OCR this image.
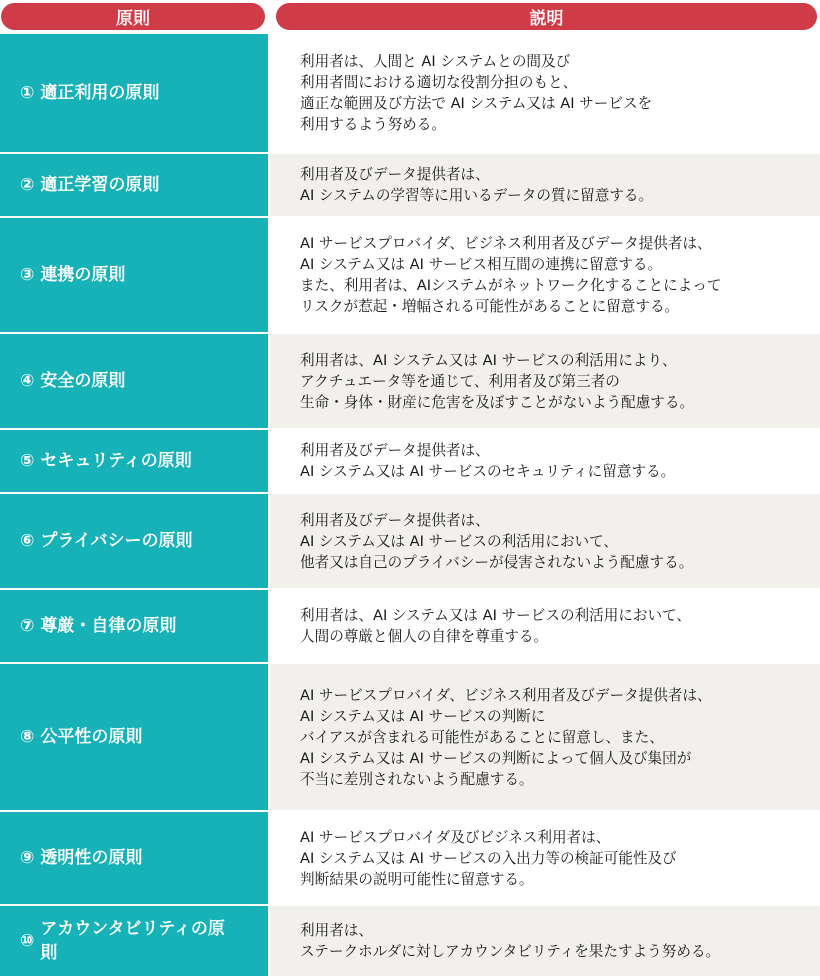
原則	説明
① 適正利用の原則
利用者は、人間と AI システムとの間及び
利用者間における適切な役割分担のもと、
適正な範囲及び方法で AI システム又は AI サービスを
利用するよう努める。
② 適正学習の原則
利用者及びデータ提供者は、
AI システムの学習等に用いるデータの質に留意する。
③ 連携の原則
AI サービスプロバイダ、ビジネス利用者及びデータ提供者は、
AI システム又は AI サービス相互間の連携に留意する。
また、利用者は、AIシステムがネットワーク化することによって
リスクが惹起・増幅される可能性があることに留意する。
④ 安全の原則
利用者は、AI システム又は AI サービスの利活用により、
アクチュエータ等を通じて、利用者及び第三者の
生命・身体・財産に危害を及ぼすことがないよう配慮する。
⑤ セキュリティの原則
利用者及びデータ提供者は、
AI システム又は AI サービスのセキュリティに留意する。
⑥ プライバシーの原則
利用者及びデータ提供者は、
AI システム又は AI サービスの利活用において、
他者又は自己のプライバシーが侵害されないよう配慮する。
⑦ 尊厳・自律の原則
利用者は、AI システム又は AI サービスの利活用において、
人間の尊厳と個人の自律を尊重する。
⑧ 公平性の原則
AI サービスプロバイダ、ビジネス利用者及びデータ提供者は、
AI システム又は AI サービスの判断に
バイアスが含まれる可能性があることに留意し、また、
AI システム又は AI サービスの判断によって個人及び集団が
不当に差別されないよう配慮する。
⑨ 透明性の原則
AI サービスプロバイダ及びビジネス利用者は、
AI システム又は AI サービスの入出力等の検証可能性及び
判断結果の説明可能性に留意する。
⑩
アカウンタビリティの原則
利用者は、
ステークホルダに対しアカウンタビリティを果たすよう努める。
